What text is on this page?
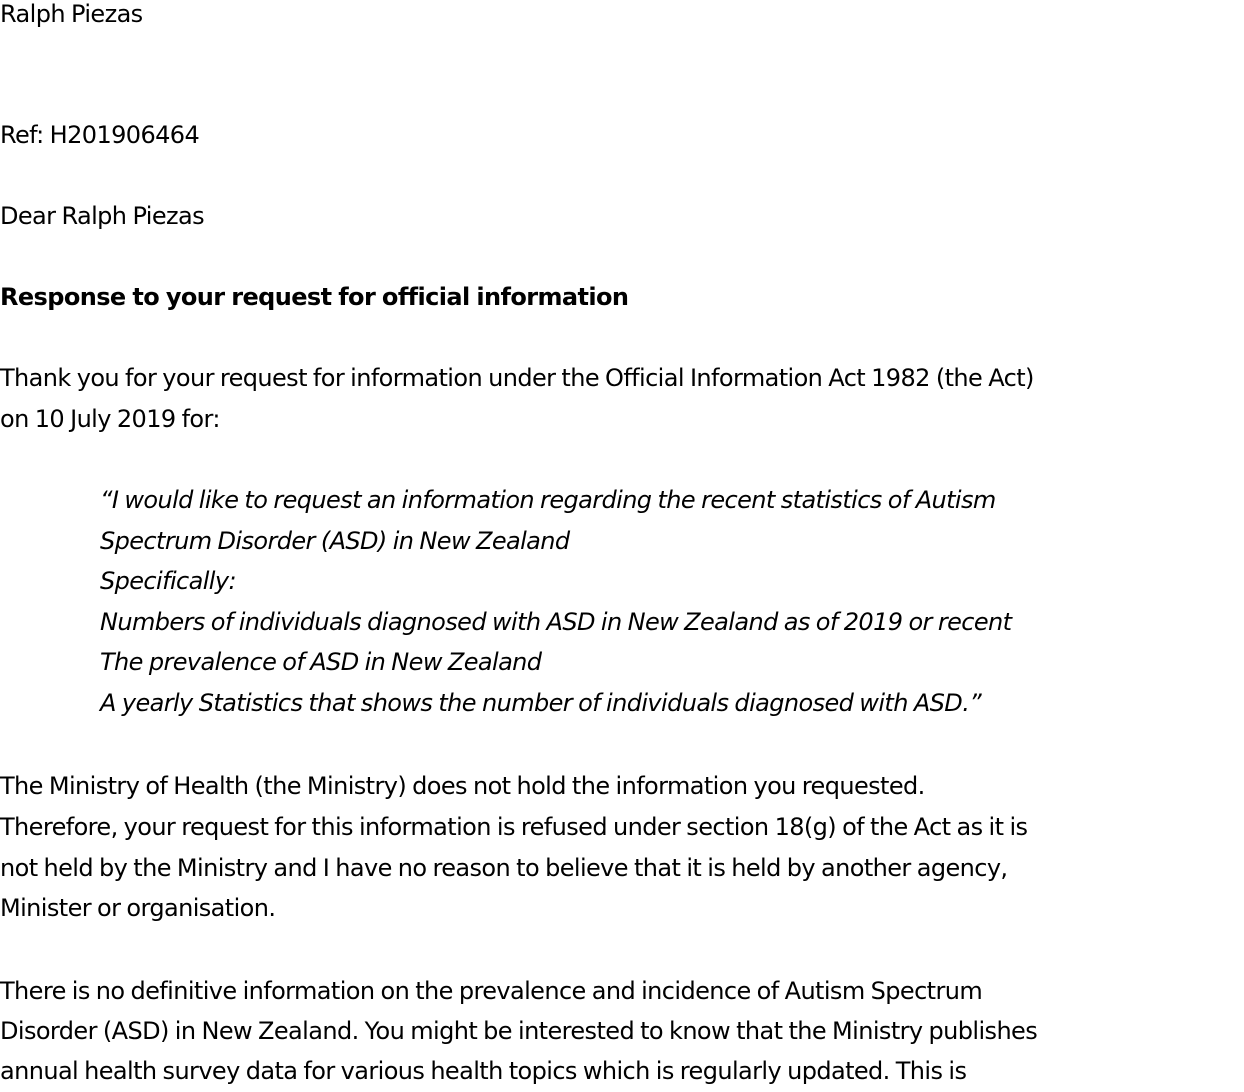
Ralph Piezas

Ref: H201906464

Dear Ralph Piezas

Response to your request for official information

Thank you for your request for information under the Official Information Act 1982 (the Act)

on 10 July 2019 for:

“I would like to request an information regarding the recent statistics of Autism

Spectrum Disorder (ASD) in New Zealand

Specifically:

Numbers of individuals diagnosed with ASD in New Zealand as of 2019 or recent

The prevalence of ASD in New Zealand

A yearly Statistics that shows the number of individuals diagnosed with ASD.”

The Ministry of Health (the Ministry) does not hold the information you requested.

Therefore, your request for this information is refused under section 18(g) of the Act as it is

not held by the Ministry and I have no reason to believe that it is held by another agency,

Minister or organisation.

There is no definitive information on the prevalence and incidence of Autism Spectrum

Disorder (ASD) in New Zealand. You might be interested to know that the Ministry publishes

annual health survey data for various health topics which is regularly updated. This is
